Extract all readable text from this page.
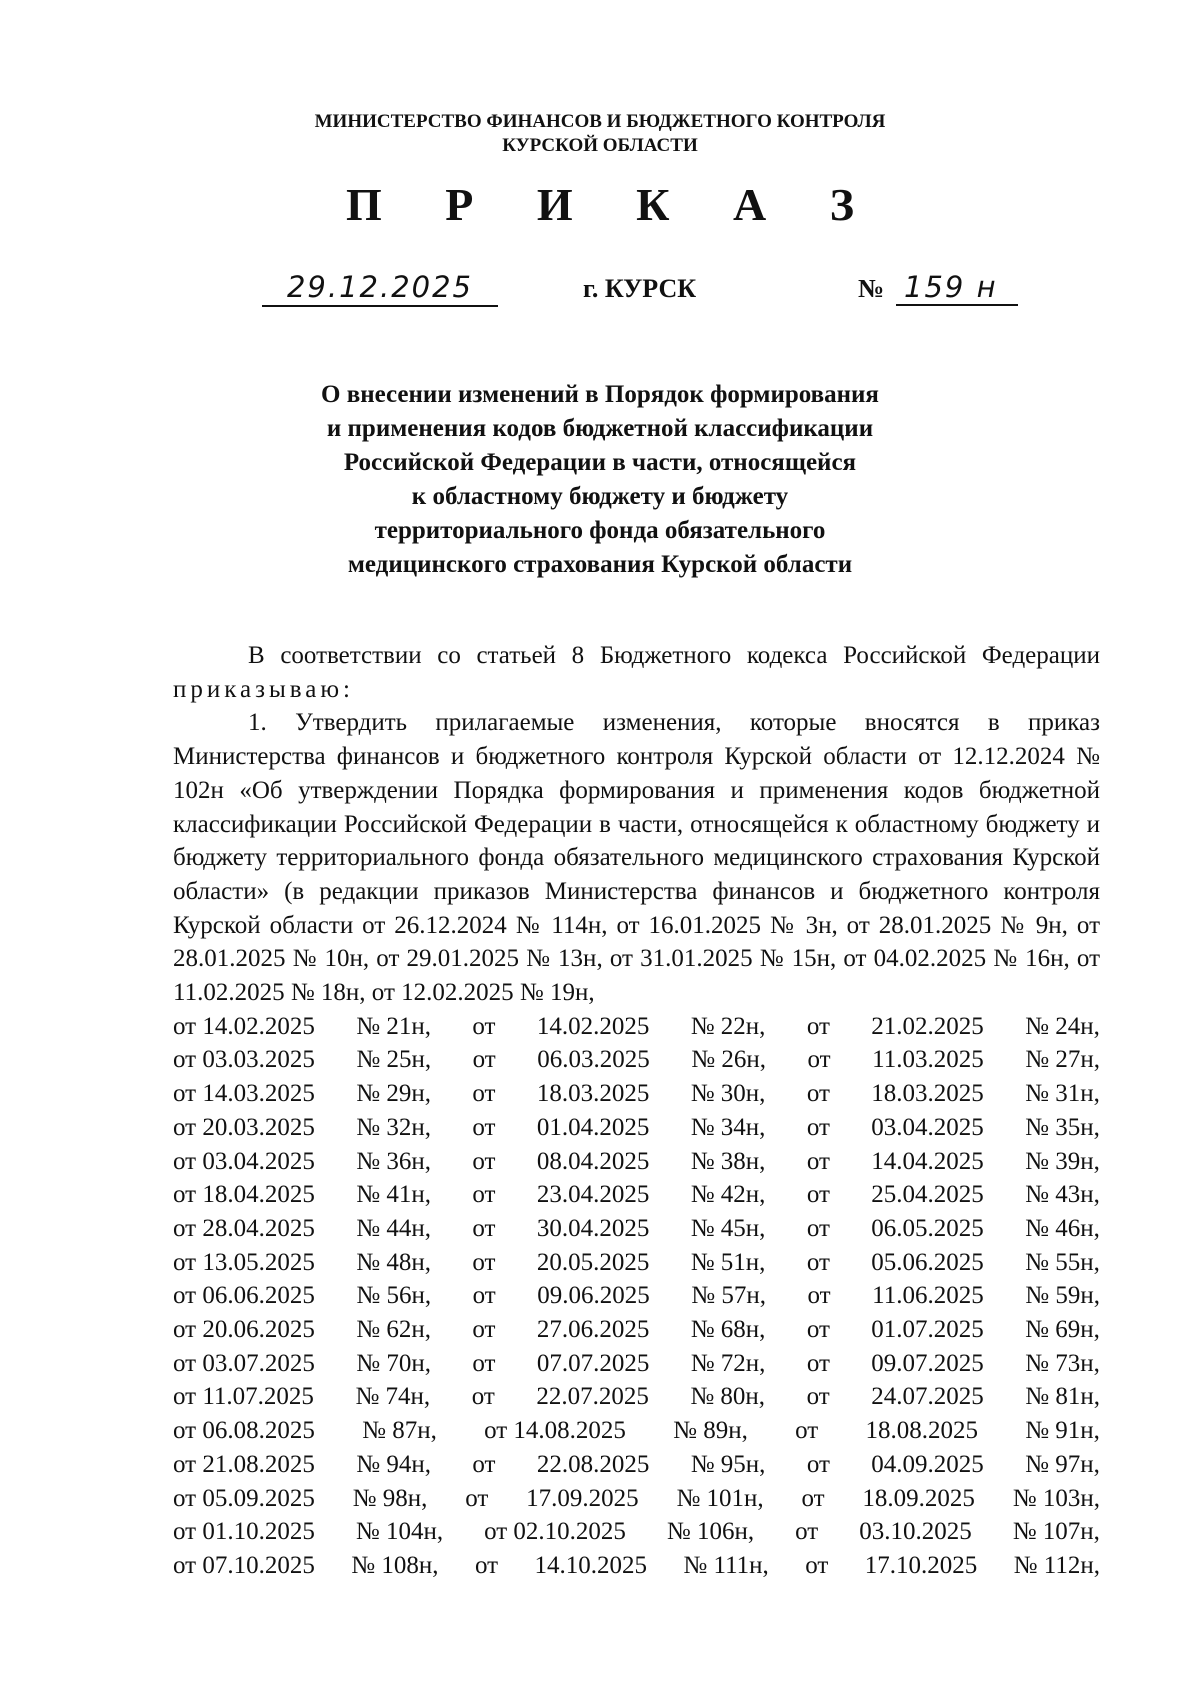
МИНИСТЕРСТВО ФИНАНСОВ И БЮДЖЕТНОГО КОНТРОЛЯ
КУРСКОЙ ОБЛАСТИ
П Р И К А З
29.12.2025	г. КУРСК	№ 159 н
О внесении изменений в Порядок формирования
и применения кодов бюджетной классификации
Российской Федерации в части, относящейся
к областному бюджету и бюджету
территориального фонда обязательного
медицинского страхования Курской области

В соответствии со статьей 8 Бюджетного кодекса Российской Федерации приказываю:

1. Утвердить прилагаемые изменения, которые вносятся в приказ Министерства финансов и бюджетного контроля Курской области от 12.12.2024 № 102н «Об утверждении Порядка формирования и применения кодов бюджетной классификации Российской Федерации в части, относящейся к областному бюджету и бюджету территориального фонда обязательного медицинского страхования Курской области» (в редакции приказов Министерства финансов и бюджетного контроля Курской области от 26.12.2024 № 114н, от 16.01.2025 № 3н, от 28.01.2025 № 9н, от 28.01.2025 № 10н, от 29.01.2025 № 13н, от 31.01.2025 № 15н, от 04.02.2025 № 16н, от 11.02.2025 № 18н, от 12.02.2025 № 19н,

от 14.02.2025 № 21н, от 14.02.2025 № 22н, от 21.02.2025 № 24н,
от 03.03.2025 № 25н, от 06.03.2025 № 26н, от 11.03.2025 № 27н,
от 14.03.2025 № 29н, от 18.03.2025 № 30н, от 18.03.2025 № 31н,
от 20.03.2025 № 32н, от 01.04.2025 № 34н, от 03.04.2025 № 35н,
от 03.04.2025 № 36н, от 08.04.2025 № 38н, от 14.04.2025 № 39н,
от 18.04.2025 № 41н, от 23.04.2025 № 42н, от 25.04.2025 № 43н,
от 28.04.2025 № 44н, от 30.04.2025 № 45н, от 06.05.2025 № 46н,
от 13.05.2025 № 48н, от 20.05.2025 № 51н, от 05.06.2025 № 55н,
от 06.06.2025 № 56н, от 09.06.2025 № 57н, от 11.06.2025 № 59н,
от 20.06.2025 № 62н, от 27.06.2025 № 68н, от 01.07.2025 № 69н,
от 03.07.2025 № 70н, от 07.07.2025 № 72н, от 09.07.2025 № 73н,
от 11.07.2025 № 74н, от 22.07.2025 № 80н, от 24.07.2025 № 81н,
от 06.08.2025 № 87н, от 14.08.2025 № 89н, от 18.08.2025 № 91н,
от 21.08.2025 № 94н, от 22.08.2025 № 95н, от 04.09.2025 № 97н,
от 05.09.2025 № 98н, от 17.09.2025 № 101н, от 18.09.2025 № 103н,
от 01.10.2025 № 104н, от 02.10.2025 № 106н, от 03.10.2025 № 107н,
от 07.10.2025 № 108н, от 14.10.2025 № 111н, от 17.10.2025 № 112н,
